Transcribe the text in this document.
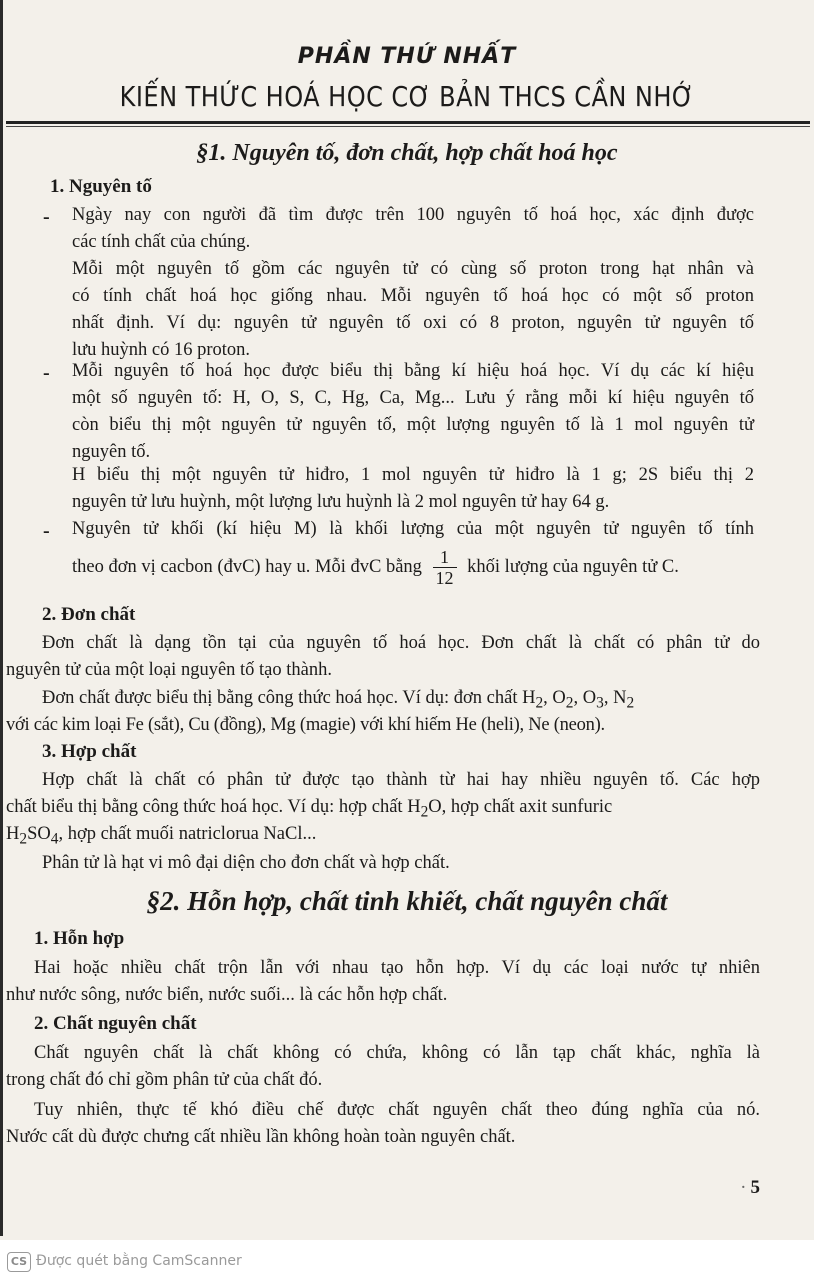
PHẦN THỨ NHẤT
KIẾN THỨC HOÁ HỌC CƠ BẢN THCS CẦN NHỚ
§1. Nguyên tố, đơn chất, hợp chất hoá học
1. Nguyên tố
- Ngày nay con người đã tìm được trên 100 nguyên tố hoá học, xác định được
các tính chất của chúng.
Mỗi một nguyên tố gồm các nguyên tử có cùng số proton trong hạt nhân và
có tính chất hoá học giống nhau. Mỗi nguyên tố hoá học có một số proton
nhất định. Ví dụ: nguyên tử nguyên tố oxi có 8 proton, nguyên tử nguyên tố
lưu huỳnh có 16 proton.
- Mỗi nguyên tố hoá học được biểu thị bằng kí hiệu hoá học. Ví dụ các kí hiệu
một số nguyên tố: H, O, S, C, Hg, Ca, Mg... Lưu ý rằng mỗi kí hiệu nguyên tố
còn biểu thị một nguyên tử nguyên tố, một lượng nguyên tố là 1 mol nguyên tử
nguyên tố.
H biểu thị một nguyên tử hiđro, 1 mol nguyên tử hiđro là 1 g; 2S biểu thị 2
nguyên tử lưu huỳnh, một lượng lưu huỳnh là 2 mol nguyên tử hay 64 g.
- Nguyên tử khối (kí hiệu M) là khối lượng của một nguyên tử nguyên tố tính
theo đơn vị cacbon (đvC) hay u. Mỗi đvC bằng $\frac{1}{12}$ khối lượng của nguyên tử C.
2. Đơn chất
Đơn chất là dạng tồn tại của nguyên tố hoá học. Đơn chất là chất có phân tử do
nguyên tử của một loại nguyên tố tạo thành.
Đơn chất được biểu thị bằng công thức hoá học. Ví dụ: đơn chất $H_2$, $O_2$, $O_3$, $N_2$
với các kim loại Fe (sắt), Cu (đồng), Mg (magie) với khí hiếm He (heli), Ne (neon).
3. Hợp chất
Hợp chất là chất có phân tử được tạo thành từ hai hay nhiều nguyên tố. Các hợp
chất biểu thị bằng công thức hoá học. Ví dụ: hợp chất $H_2O$, hợp chất axit sunfuric
$H_2SO_4$, hợp chất muối natriclorua NaCl...
Phân tử là hạt vi mô đại diện cho đơn chất và hợp chất.
§2. Hỗn hợp, chất tinh khiết, chất nguyên chất
1. Hỗn hợp
Hai hoặc nhiều chất trộn lẫn với nhau tạo hỗn hợp. Ví dụ các loại nước tự nhiên
như nước sông, nước biển, nước suối... là các hỗn hợp chất.
2. Chất nguyên chất
Chất nguyên chất là chất không có chứa, không có lẫn tạp chất khác, nghĩa là
trong chất đó chỉ gồm phân tử của chất đó.
Tuy nhiên, thực tế khó điều chế được chất nguyên chất theo đúng nghĩa của nó.
Nước cất dù được chưng cất nhiều lần không hoàn toàn nguyên chất.
· 5
CS Được quét bằng CamScanner
